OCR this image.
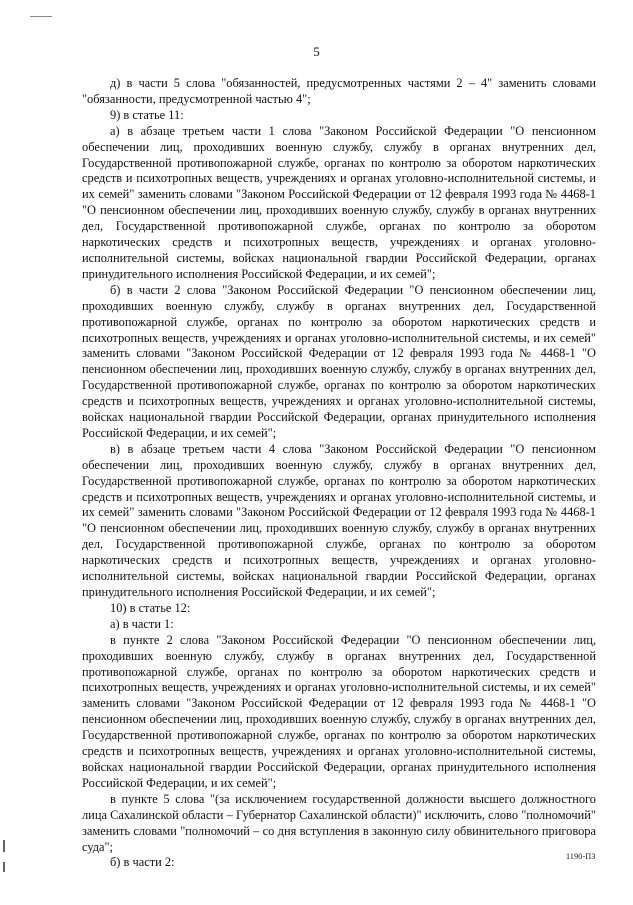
5

д) в части 5 слова "обязанностей, предусмотренных частями 2 – 4" заменить словами "обязанности, предусмотренной частью 4";

9) в статье 11:

а) в абзаце третьем части 1 слова "Законом Российской Федерации "О пенсионном обеспечении лиц, проходивших военную службу, службу в органах внутренних дел, Государственной противопожарной службе, органах по контролю за оборотом наркотических средств и психотропных веществ, учреждениях и органах уголовно-исполнительной системы, и их семей" заменить словами "Законом Российской Федерации от 12 февраля 1993 года № 4468-1 "О пенсионном обеспечении лиц, проходивших военную службу, службу в органах внутренних дел, Государственной противопожарной службе, органах по контролю за оборотом наркотических средств и психотропных веществ, учреждениях и органах уголовно-исполнительной системы, войсках национальной гвардии Российской Федерации, органах принудительного исполнения Российской Федерации, и их семей";

б) в части 2 слова "Законом Российской Федерации "О пенсионном обеспечении лиц, проходивших военную службу, службу в органах внутренних дел, Государственной противопожарной службе, органах по контролю за оборотом наркотических средств и психотропных веществ, учреждениях и органах уголовно-исполнительной системы, и их семей" заменить словами "Законом Российской Федерации от 12 февраля 1993 года № 4468-1 "О пенсионном обеспечении лиц, проходивших военную службу, службу в органах внутренних дел, Государственной противопожарной службе, органах по контролю за оборотом наркотических средств и психотропных веществ, учреждениях и органах уголовно-исполнительной системы, войсках национальной гвардии Российской Федерации, органах принудительного исполнения Российской Федерации, и их семей";

в) в абзаце третьем части 4 слова "Законом Российской Федерации "О пенсионном обеспечении лиц, проходивших военную службу, службу в органах внутренних дел, Государственной противопожарной службе, органах по контролю за оборотом наркотических средств и психотропных веществ, учреждениях и органах уголовно-исполнительной системы, и их семей" заменить словами "Законом Российской Федерации от 12 февраля 1993 года № 4468-1 "О пенсионном обеспечении лиц, проходивших военную службу, службу в органах внутренних дел, Государственной противопожарной службе, органах по контролю за оборотом наркотических средств и психотропных веществ, учреждениях и органах уголовно-исполнительной системы, войсках национальной гвардии Российской Федерации, органах принудительного исполнения Российской Федерации, и их семей";

10) в статье 12:

а) в части 1:

в пункте 2 слова "Законом Российской Федерации "О пенсионном обеспечении лиц, проходивших военную службу, службу в органах внутренних дел, Государственной противопожарной службе, органах по контролю за оборотом наркотических средств и психотропных веществ, учреждениях и органах уголовно-исполнительной системы, и их семей" заменить словами "Законом Российской Федерации от 12 февраля 1993 года № 4468-1 "О пенсионном обеспечении лиц, проходивших военную службу, службу в органах внутренних дел, Государственной противопожарной службе, органах по контролю за оборотом наркотических средств и психотропных веществ, учреждениях и органах уголовно-исполнительной системы, войсках национальной гвардии Российской Федерации, органах принудительного исполнения Российской Федерации, и их семей";

в пункте 5 слова "(за исключением государственной должности высшего должностного лица Сахалинской области – Губернатор Сахалинской области)" исключить, слово "полномочий" заменить словами "полномочий – со дня вступления в законную силу обвинительного приговора суда";

б) в части 2:	1190-ПЗ
